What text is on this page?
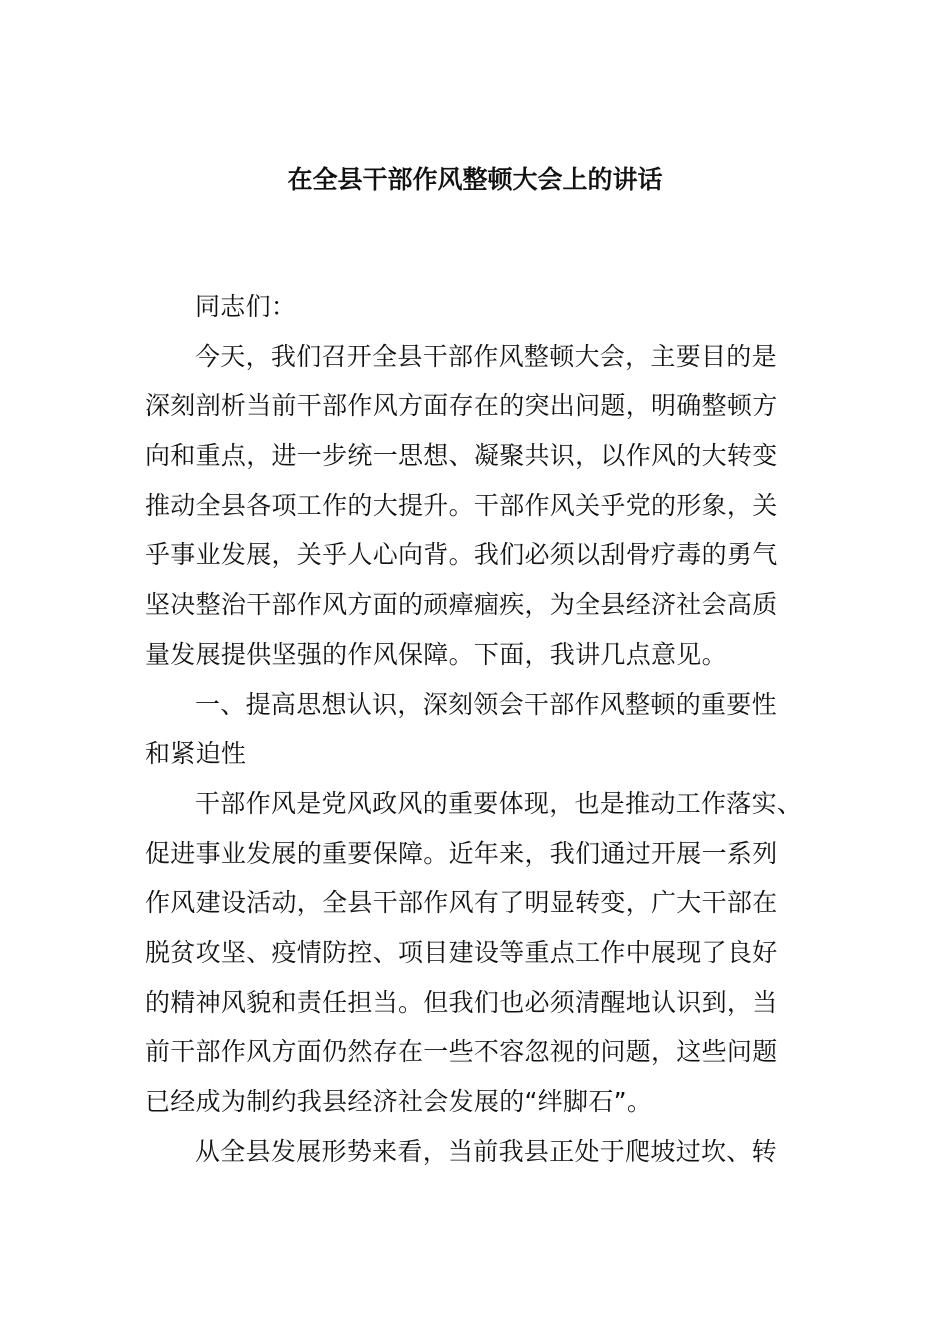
在全县干部作风整顿大会上的讲话
同志们：
今天，我们召开全县干部作风整顿大会，主要目的是
深刻剖析当前干部作风方面存在的突出问题，明确整顿方
向和重点，进一步统一思想、凝聚共识，以作风的大转变
推动全县各项工作的大提升。干部作风关乎党的形象，关
乎事业发展，关乎人心向背。我们必须以刮骨疗毒的勇气
坚决整治干部作风方面的顽瘴痼疾，为全县经济社会高质
量发展提供坚强的作风保障。下面，我讲几点意见。
一、提高思想认识，深刻领会干部作风整顿的重要性
和紧迫性
干部作风是党风政风的重要体现，也是推动工作落实、
促进事业发展的重要保障。近年来，我们通过开展一系列
作风建设活动，全县干部作风有了明显转变，广大干部在
脱贫攻坚、疫情防控、项目建设等重点工作中展现了良好
的精神风貌和责任担当。但我们也必须清醒地认识到，当
前干部作风方面仍然存在一些不容忽视的问题，这些问题
已经成为制约我县经济社会发展的“绊脚石”。
从全县发展形势来看，当前我县正处于爬坡过坎、转
